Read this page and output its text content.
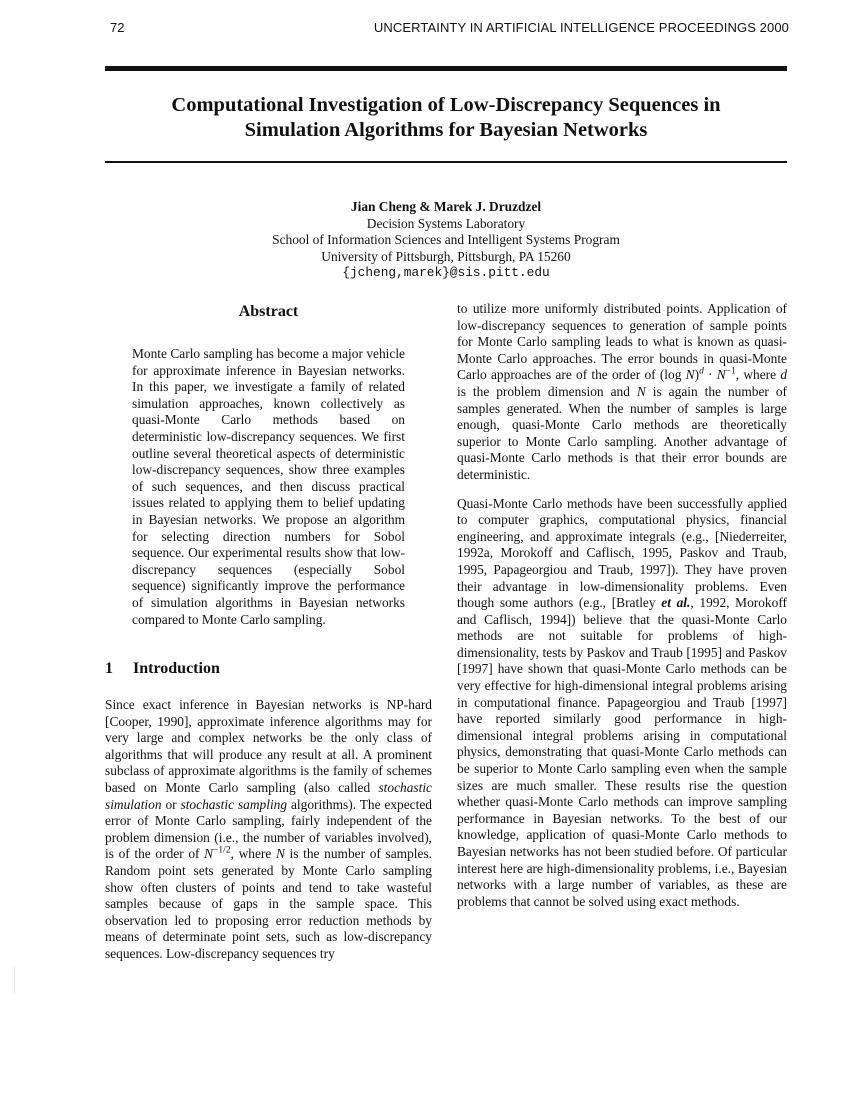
72	UNCERTAINTY IN ARTIFICIAL INTELLIGENCE PROCEEDINGS 2000
Computational Investigation of Low-Discrepancy Sequences in
Simulation Algorithms for Bayesian Networks
Jian Cheng & Marek J. Druzdzel
Decision Systems Laboratory
School of Information Sciences and Intelligent Systems Program
University of Pittsburgh, Pittsburgh, PA 15260
{jcheng,marek}@sis.pitt.edu
Abstract

Monte Carlo sampling has become a major vehicle for approximate inference in Bayesian networks. In this paper, we investigate a family of related simulation approaches, known collectively as quasi-Monte Carlo methods based on deterministic low-discrepancy sequences. We first outline several theoretical aspects of deterministic low-discrepancy sequences, show three examples of such sequences, and then discuss practical issues related to applying them to belief updating in Bayesian networks. We propose an algorithm for selecting direction numbers for Sobol sequence. Our experimental results show that low-discrepancy sequences (especially Sobol sequence) significantly improve the performance of simulation algorithms in Bayesian networks compared to Monte Carlo sampling.

1 Introduction

Since exact inference in Bayesian networks is NP-hard [Cooper, 1990], approximate inference algorithms may for very large and complex networks be the only class of algorithms that will produce any result at all. A prominent subclass of approximate algorithms is the family of schemes based on Monte Carlo sampling (also called stochastic simulation or stochastic sampling algorithms). The expected error of Monte Carlo sampling, fairly independent of the problem dimension (i.e., the number of variables involved), is of the order of $N^{-1/2}$, where N is the number of samples. Random point sets generated by Monte Carlo sampling show often clusters of points and tend to take wasteful samples because of gaps in the sample space. This observation led to proposing error reduction methods by means of determinate point sets, such as low-discrepancy sequences. Low-discrepancy sequences try

to utilize more uniformly distributed points. Application of low-discrepancy sequences to generation of sample points for Monte Carlo sampling leads to what is known as quasi-Monte Carlo approaches. The error bounds in quasi-Monte Carlo approaches are of the order of (log $N)^d \cdot N^{-1}$, where d is the problem dimension and N is again the number of samples generated. When the number of samples is large enough, quasi-Monte Carlo methods are theoretically superior to Monte Carlo sampling. Another advantage of quasi-Monte Carlo methods is that their error bounds are deterministic.

Quasi-Monte Carlo methods have been successfully applied to computer graphics, computational physics, financial engineering, and approximate integrals (e.g., [Niederreiter, 1992a, Morokoff and Caflisch, 1995, Paskov and Traub, 1995, Papageorgiou and Traub, 1997]). They have proven their advantage in low-dimensionality problems. Even though some authors (e.g., [Bratley et al., 1992, Morokoff and Caflisch, 1994]) believe that the quasi-Monte Carlo methods are not suitable for problems of high-dimensionality, tests by Paskov and Traub [1995] and Paskov [1997] have shown that quasi-Monte Carlo methods can be very effective for high-dimensional integral problems arising in computational finance. Papageorgiou and Traub [1997] have reported similarly good performance in high-dimensional integral problems arising in computational physics, demonstrating that quasi-Monte Carlo methods can be superior to Monte Carlo sampling even when the sample sizes are much smaller. These results rise the question whether quasi-Monte Carlo methods can improve sampling performance in Bayesian networks. To the best of our knowledge, application of quasi-Monte Carlo methods to Bayesian networks has not been studied before. Of particular interest here are high-dimensionality problems, i.e., Bayesian networks with a large number of variables, as these are problems that cannot be solved using exact methods.
